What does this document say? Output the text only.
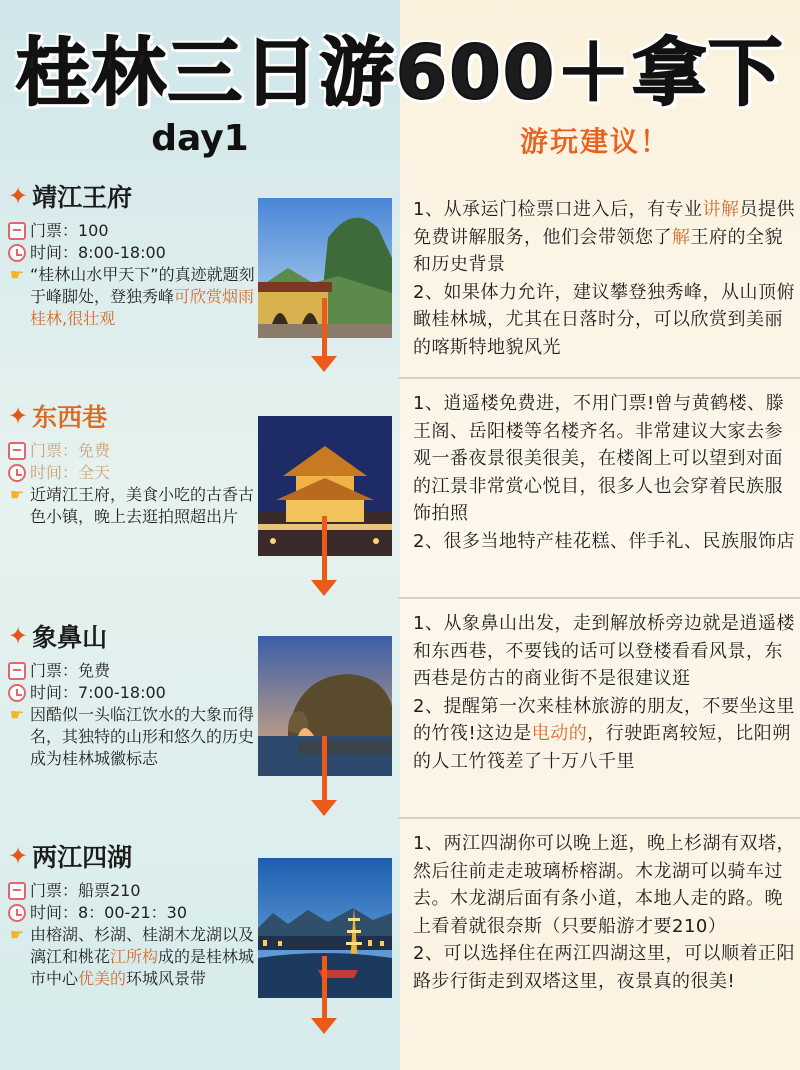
桂林三日游600＋拿下
day1	游玩建议！
✦ 靖江王府
门票：100
时间：8:00-18:00
☛ “桂林山水甲天下”的真迹就题刻于峰脚处，登独秀峰可欣赏烟雨桂林,很壮观

1、从承运门检票口进入后，有专业讲解员提供免费讲解服务，他们会带领您了解王府的全貌和历史背景

2、如果体力允许，建议攀登独秀峰，从山顶俯瞰桂林城，尤其在日落时分，可以欣赏到美丽的喀斯特地貌风光

✦ 东西巷
门票：免费
时间：全天
☛ 近靖江王府，美食小吃的古香古色小镇，晚上去逛拍照超出片

1、逍遥楼免费进，不用门票!曾与黄鹤楼、滕王阁、岳阳楼等名楼齐名。非常建议大家去参观一番夜景很美很美，在楼阁上可以望到对面的江景非常赏心悦目，很多人也会穿着民族服饰拍照

2、很多当地特产桂花糕、伴手礼、民族服饰店

✦ 象鼻山
门票：免费
时间：7:00-18:00
☛ 因酷似一头临江饮水的大象而得名，其独特的山形和悠久的历史成为桂林城徽标志

1、从象鼻山出发，走到解放桥旁边就是逍遥楼和东西巷，不要钱的话可以登楼看看风景，东西巷是仿古的商业街不是很建议逛

2、提醒第一次来桂林旅游的朋友，不要坐这里的竹筏!这边是电动的，行驶距离较短，比阳朔的人工竹筏差了十万八千里

✦ 两江四湖
门票：船票210
时间：8：00-21：30
☛ 由榕湖、杉湖、桂湖木龙湖以及漓江和桃花江所构成的是桂林城市中心优美的环城风景带

1、两江四湖你可以晚上逛，晚上杉湖有双塔，然后往前走走玻璃桥榕湖。木龙湖可以骑车过去。木龙湖后面有条小道，本地人走的路。晚上看着就很奈斯（只要船游才要210）

2、可以选择住在两江四湖这里，可以顺着正阳路步行街走到双塔这里，夜景真的很美!
